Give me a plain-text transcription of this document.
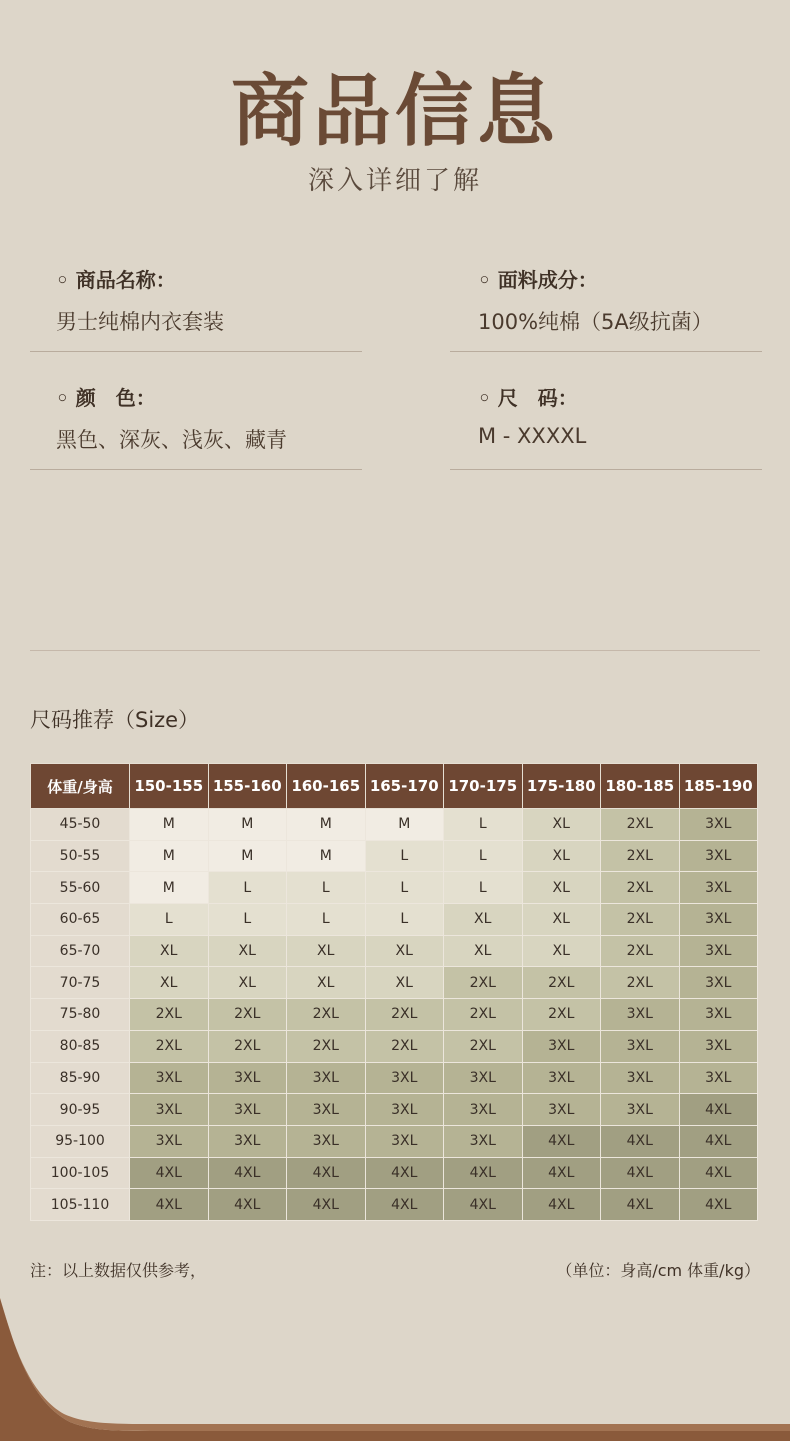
商品信息
深入详细了解
◦ 商品名称：
男士纯棉内衣套装
◦ 面料成分：
100%纯棉（5A级抗菌）
◦ 颜　色：
黑色、深灰、浅灰、藏青
◦ 尺　码：
M - XXXXL
尺码推荐（Size）
体重/身高	150-155	155-160	160-165	165-170	170-175	175-180	180-185	185-190
45-50	M	M	M	M	L	XL	2XL	3XL
50-55	M	M	M	L	L	XL	2XL	3XL
55-60	M	L	L	L	L	XL	2XL	3XL
60-65	L	L	L	L	XL	XL	2XL	3XL
65-70	XL	XL	XL	XL	XL	XL	2XL	3XL
70-75	XL	XL	XL	XL	2XL	2XL	2XL	3XL
75-80	2XL	2XL	2XL	2XL	2XL	2XL	3XL	3XL
80-85	2XL	2XL	2XL	2XL	2XL	3XL	3XL	3XL
85-90	3XL	3XL	3XL	3XL	3XL	3XL	3XL	3XL
90-95	3XL	3XL	3XL	3XL	3XL	3XL	3XL	4XL
95-100	3XL	3XL	3XL	3XL	3XL	4XL	4XL	4XL
100-105	4XL	4XL	4XL	4XL	4XL	4XL	4XL	4XL
105-110	4XL	4XL	4XL	4XL	4XL	4XL	4XL	4XL
注：以上数据仅供参考，	（单位：身高/cm 体重/kg）
